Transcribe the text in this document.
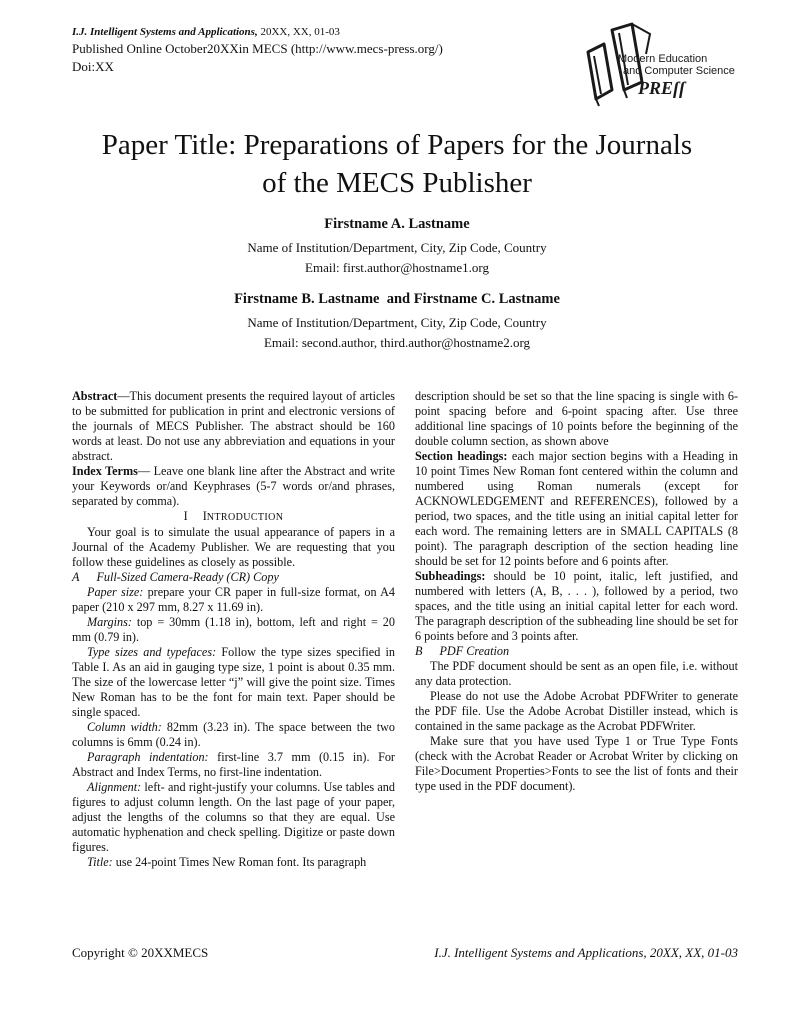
I.J. Intelligent Systems and Applications, 20XX, XX, 01-03
Published Online October20XXin MECS (http://www.mecs-press.org/)
Doi:XX	Modern Education
and Computer Science
PREſſ
Paper Title: Preparations of Papers for the Journals
of the MECS Publisher
Firstname A. Lastname
Name of Institution/Department, City, Zip Code, Country
Email: first.author@hostname1.org
Firstname B. Lastname  and Firstname C. Lastname
Name of Institution/Department, City, Zip Code, Country
Email: second.author, third.author@hostname2.org

Abstract—This document presents the required layout of articles to be submitted for publication in print and electronic versions of the journals of MECS Publisher. The abstract should be 160 words at least. Do not use any abbreviation and equations in your abstract.

Index Terms— Leave one blank line after the Abstract and write your Keywords or/and Keyphrases (5-7 words or/and phrases, separated by comma).

I INTRODUCTION

Your goal is to simulate the usual appearance of papers in a Journal of the Academy Publisher. We are requesting that you follow these guidelines as closely as possible.

A Full-Sized Camera-Ready (CR) Copy

Paper size: prepare your CR paper in full-size format, on A4 paper (210 x 297 mm, 8.27 x 11.69 in).

Margins: top = 30mm (1.18 in), bottom, left and right = 20 mm (0.79 in).

Type sizes and typefaces: Follow the type sizes specified in Table I. As an aid in gauging type size, 1 point is about 0.35 mm. The size of the lowercase letter “j” will give the point size. Times New Roman has to be the font for main text. Paper should be single spaced.

Column width: 82mm (3.23 in). The space between the two columns is 6mm (0.24 in).

Paragraph indentation: first-line 3.7 mm (0.15 in). For Abstract and Index Terms, no first-line indentation.

Alignment: left- and right-justify your columns. Use tables and figures to adjust column length. On the last page of your paper, adjust the lengths of the columns so that they are equal. Use automatic hyphenation and check spelling. Digitize or paste down figures.

Title: use 24-point Times New Roman font. Its paragraph

description should be set so that the line spacing is single with 6-point spacing before and 6-point spacing after. Use three additional line spacings of 10 points before the beginning of the double column section, as shown above

Section headings: each major section begins with a Heading in 10 point Times New Roman font centered within the column and numbered using Roman numerals (except for ACKNOWLEDGEMENT and REFERENCES), followed by a period, two spaces, and the title using an initial capital letter for each word. The remaining letters are in SMALL CAPITALS (8 point). The paragraph description of the section heading line should be set for 12 points before and 6 points after.

Subheadings: should be 10 point, italic, left justified, and numbered with letters (A, B, . . . ), followed by a period, two spaces, and the title using an initial capital letter for each word. The paragraph description of the subheading line should be set for 6 points before and 3 points after.

B PDF Creation

The PDF document should be sent as an open file, i.e. without any data protection.

Please do not use the Adobe Acrobat PDFWriter to generate the PDF file. Use the Adobe Acrobat Distiller instead, which is contained in the same package as the Acrobat PDFWriter.

Make sure that you have used Type 1 or True Type Fonts (check with the Acrobat Reader or Acrobat Writer by clicking on File>Document Properties>Fonts to see the list of fonts and their type used in the PDF document).

Copyright © 20XXMECS	I.J. Intelligent Systems and Applications, 20XX, XX, 01-03
